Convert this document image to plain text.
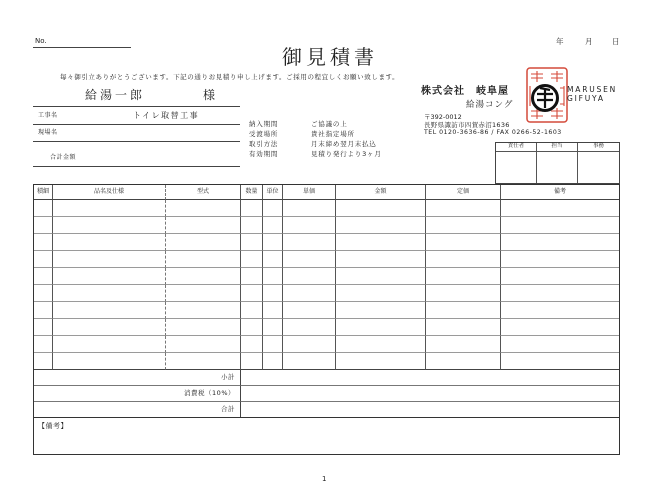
No.	年	月	日
御見積書
毎々御引立ありがとうございます。下記の通りお見積り申し上げます。ご採用の程宜しくお願い致します。
給湯一郎	様
工事名	トイレ取替工事
現場名
合計金額
納入期間	ご協議の上
受渡場所	貴社指定場所
取引方法	月末締め翌月末払込
有効期間	見積り発行より3ヶ月
株式会社　岐阜屋
給湯コング
MARUSEN
GIFUYA
〒392-0012
長野県諏訪市四賀赤沼1636
TEL 0120-3636-86 / FAX 0266-52-1603
責任者	担当	事務

積細	品名及仕様	型式	数量	単位	単価	金額	定価	備考

小計								
消費税（10%）								
合計								
【備考】
1
